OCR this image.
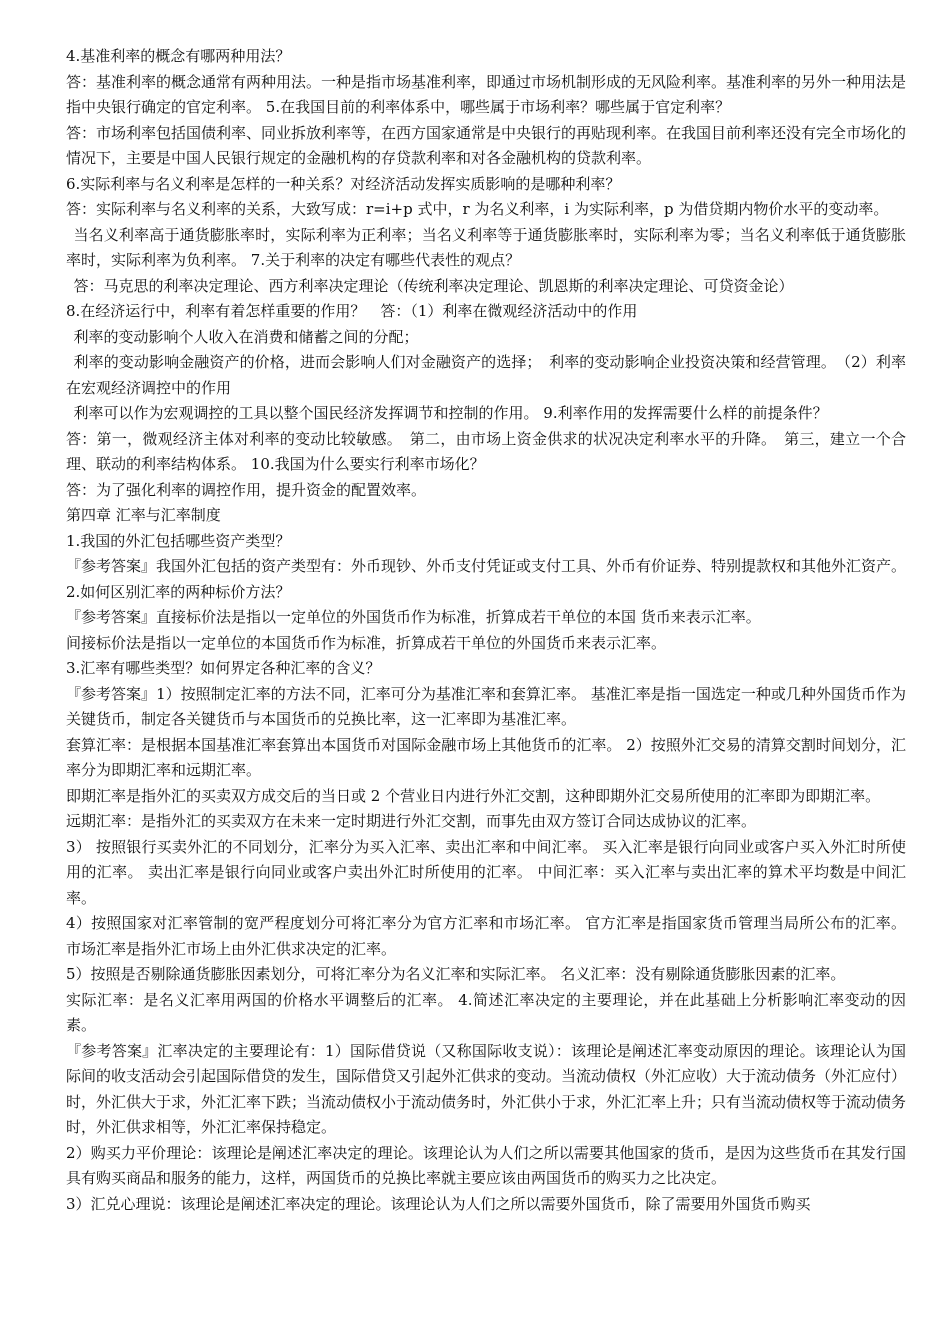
4.基准利率的概念有哪两种用法？

答：基准利率的概念通常有两种用法。一种是指市场基准利率，即通过市场机制形成的无风险利率。基准利率的另外一种用法是指中央银行确定的官定利率。 5.在我国目前的利率体系中，哪些属于市场利率？哪些属于官定利率？

答：市场利率包括国债利率、同业拆放利率等，在西方国家通常是中央银行的再贴现利率。在我国目前利率还没有完全市场化的情况下，主要是中国人民银行规定的金融机构的存贷款利率和对各金融机构的贷款利率。

6.实际利率与名义利率是怎样的一种关系？对经济活动发挥实质影响的是哪种利率？

答：实际利率与名义利率的关系，大致写成：r=i+p 式中，r 为名义利率，i 为实际利率，p 为借贷期内物价水平的变动率。

当名义利率高于通货膨胀率时，实际利率为正利率；当名义利率等于通货膨胀率时，实际利率为零；当名义利率低于通货膨胀率时，实际利率为负利率。 7.关于利率的决定有哪些代表性的观点？

答：马克思的利率决定理论、西方利率决定理论（传统利率决定理论、凯恩斯的利率决定理论、可贷资金论）

8.在经济运行中，利率有着怎样重要的作用？　答：（1）利率在微观经济活动中的作用

利率的变动影响个人收入在消费和储蓄之间的分配；

利率的变动影响金融资产的价格，进而会影响人们对金融资产的选择；　利率的变动影响企业投资决策和经营管理。　（2）利率在宏观经济调控中的作用

利率可以作为宏观调控的工具以整个国民经济发挥调节和控制的作用。 9.利率作用的发挥需要什么样的前提条件？

答：第一，微观经济主体对利率的变动比较敏感。　第二，由市场上资金供求的状况决定利率水平的升降。　第三，建立一个合理、联动的利率结构体系。 10.我国为什么要实行利率市场化？

答：为了强化利率的调控作用，提升资金的配置效率。

第四章 汇率与汇率制度

1.我国的外汇包括哪些资产类型？

『参考答案』我国外汇包括的资产类型有：外币现钞、外币支付凭证或支付工具、外币有价证券、特别提款权和其他外汇资产。 2.如何区别汇率的两种标价方法？

『参考答案』直接标价法是指以一定单位的外国货币作为标准，折算成若干单位的本国 货币来表示汇率。

间接标价法是指以一定单位的本国货币作为标准，折算成若干单位的外国货币来表示汇率。

3.汇率有哪些类型？如何界定各种汇率的含义？

『参考答案』1）按照制定汇率的方法不同，汇率可分为基准汇率和套算汇率。 基准汇率是指一国选定一种或几种外国货币作为关键货币，制定各关键货币与本国货币的兑换比率，这一汇率即为基准汇率。

套算汇率：是根据本国基准汇率套算出本国货币对国际金融市场上其他货币的汇率。 2）按照外汇交易的清算交割时间划分，汇率分为即期汇率和远期汇率。

即期汇率是指外汇的买卖双方成交后的当日或 2 个营业日内进行外汇交割，这种即期外汇交易所使用的汇率即为即期汇率。

远期汇率：是指外汇的买卖双方在未来一定时期进行外汇交割，而事先由双方签订合同达成协议的汇率。

3） 按照银行买卖外汇的不同划分，汇率分为买入汇率、卖出汇率和中间汇率。 买入汇率是银行向同业或客户买入外汇时所使用的汇率。 卖出汇率是银行向同业或客户卖出外汇时所使用的汇率。 中间汇率：买入汇率与卖出汇率的算术平均数是中间汇率。

4）按照国家对汇率管制的宽严程度划分可将汇率分为官方汇率和市场汇率。 官方汇率是指国家货币管理当局所公布的汇率。 市场汇率是指外汇市场上由外汇供求决定的汇率。

5）按照是否剔除通货膨胀因素划分，可将汇率分为名义汇率和实际汇率。 名义汇率：没有剔除通货膨胀因素的汇率。

实际汇率：是名义汇率用两国的价格水平调整后的汇率。 4.简述汇率决定的主要理论，并在此基础上分析影响汇率变动的因素。

『参考答案』汇率决定的主要理论有：1）国际借贷说（又称国际收支说）：该理论是阐述汇率变动原因的理论。该理论认为国际间的收支活动会引起国际借贷的发生，国际借贷又引起外汇供求的变动。当流动债权（外汇应收）大于流动债务（外汇应付）时，外汇供大于求，外汇汇率下跌；当流动债权小于流动债务时，外汇供小于求，外汇汇率上升；只有当流动债权等于流动债务时，外汇供求相等，外汇汇率保持稳定。

2）购买力平价理论：该理论是阐述汇率决定的理论。该理论认为人们之所以需要其他国家的货币，是因为这些货币在其发行国具有购买商品和服务的能力，这样，两国货币的兑换比率就主要应该由两国货币的购买力之比决定。

3）汇兑心理说：该理论是阐述汇率决定的理论。该理论认为人们之所以需要外国货币，除了需要用外国货币购买
